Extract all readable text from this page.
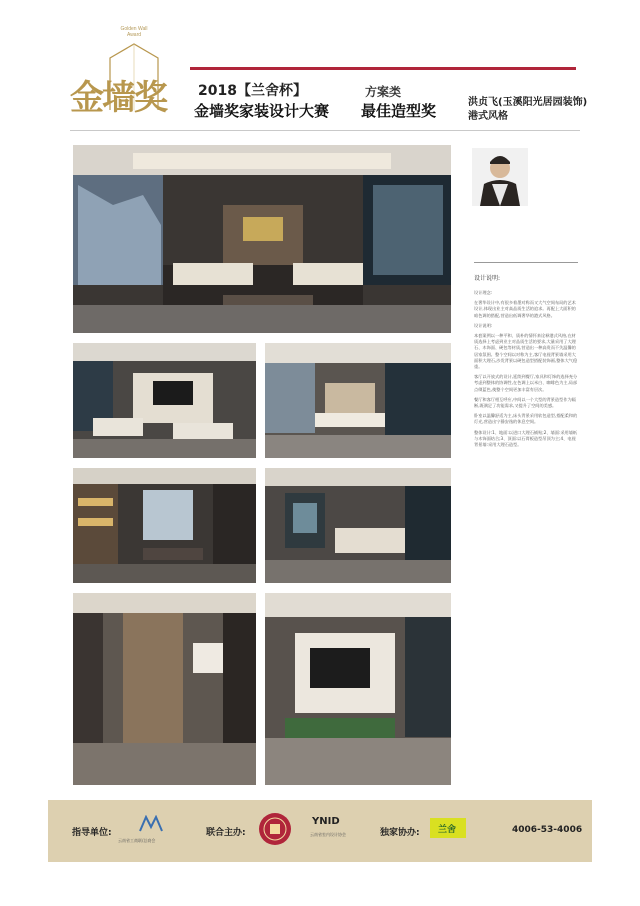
Golden Wall
Award
金墙奖 2018【兰舍杯】
金墙奖家装设计大赛
方案类
最佳造型奖	洪贞飞(玉溪阳光居园装饰)
港式风格
设计说明:

设计理念:

在奢华设计中,有很多着墨对称而又大气空间布局的艺术设计,体现出业主对高品质生活的追求。再配上大面积的暗色调的搭配,营造出低调奢华的港式风格。

设计说明:

本套案例以一种平和、质朴的情怀来诠释港式风格,在材质选择上考虑到业主对品质生活的要求,大量采用了大理石、木饰面、硬包等材质,营造出一种高贵而不失温馨的居家氛围。整个空间以对称为主,客厅电视背景墙采用大面积大理石,沙发背景以硬包造型搭配装饰画,整体大气稳重。

客厅以开放式的设计,延续到餐厅,家具和灯饰的选择充分考虑到整体的协调性,在色调上以米白、咖啡色为主,局部点缀蓝色,使整个空间更加丰富有层次。

餐厅和客厅相互呼应,中间以一个大型的背景造型作为隔断,既满足了功能需求,又提升了空间的美感。

卧室以温馨舒适为主,床头背景采用软包造型,搭配柔和的灯光,营造出宁静安逸的休息空间。

整体设计:1、地面:以进口大理石铺贴;2、墙面:采用墙纸与木饰面结合;3、顶面:以石膏板造型吊顶为主;4、电视背景墙:采用大理石造型。

指导单位:
云南省工商联/总商会
联合主办:
YNID
云南省室内设计协会	独家协办: 兰舍	4006-53-4006
